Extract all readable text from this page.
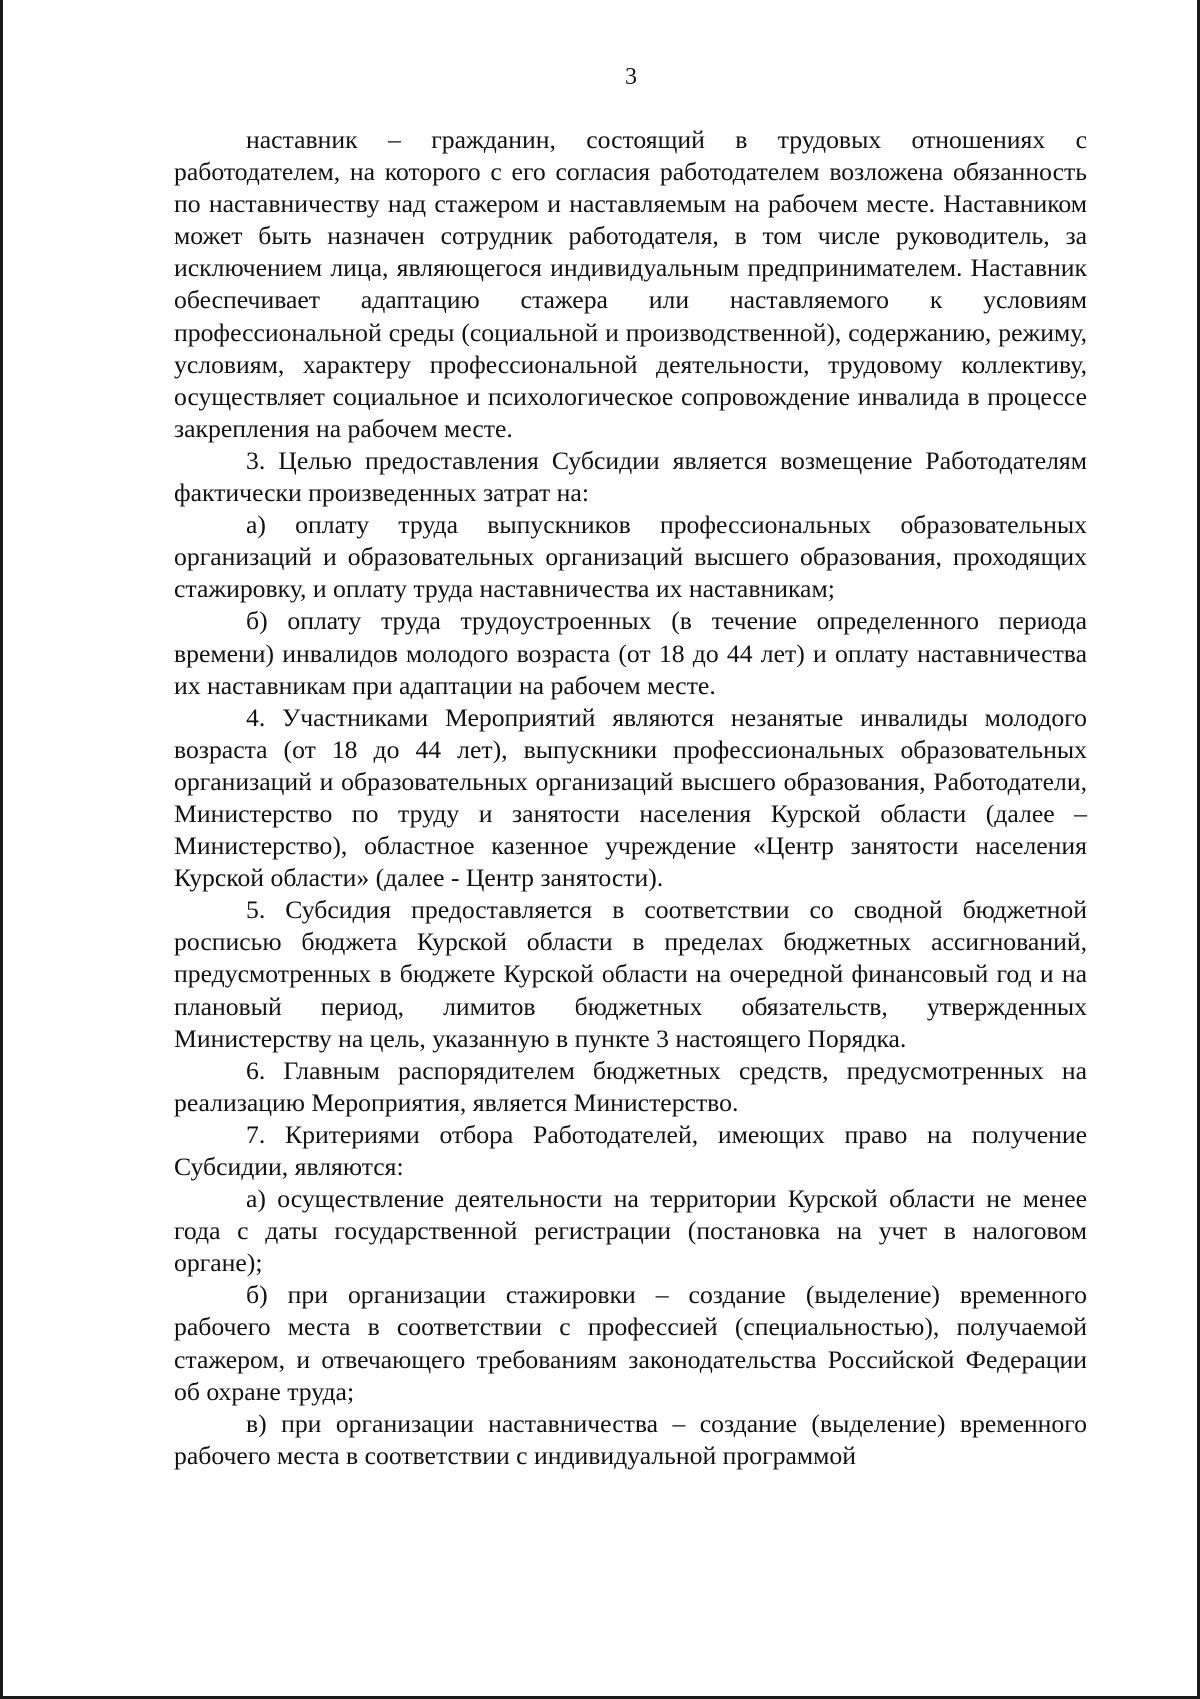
3

наставник – гражданин, состоящий в трудовых отношениях с работодателем, на которого с его согласия работодателем возложена обязанность по наставничеству над стажером и наставляемым на рабочем месте. Наставником может быть назначен сотрудник работодателя, в том числе руководитель, за исключением лица, являющегося индивидуальным предпринимателем. Наставник обеспечивает адаптацию стажера или наставляемого к условиям профессиональной среды (социальной и производственной), содержанию, режиму, условиям, характеру профессиональной деятельности, трудовому коллективу, осуществляет социальное и психологическое сопровождение инвалида в процессе закрепления на рабочем месте.

3. Целью предоставления Субсидии является возмещение Работодателям фактически произведенных затрат на:

а) оплату труда выпускников профессиональных образовательных организаций и образовательных организаций высшего образования, проходящих стажировку, и оплату труда наставничества их наставникам;

б) оплату труда трудоустроенных (в течение определенного периода времени) инвалидов молодого возраста (от 18 до 44 лет) и оплату наставничества их наставникам при адаптации на рабочем месте.

4. Участниками Мероприятий являются незанятые инвалиды молодого возраста (от 18 до 44 лет), выпускники профессиональных образовательных организаций и образовательных организаций высшего образования, Работодатели, Министерство по труду и занятости населения Курской области (далее – Министерство), областное казенное учреждение «Центр занятости населения Курской области» (далее - Центр занятости).

5. Субсидия предоставляется в соответствии со сводной бюджетной росписью бюджета Курской области в пределах бюджетных ассигнований, предусмотренных в бюджете Курской области на очередной финансовый год и на плановый период, лимитов бюджетных обязательств, утвержденных Министерству на цель, указанную в пункте 3 настоящего Порядка.

6. Главным распорядителем бюджетных средств, предусмотренных на реализацию Мероприятия, является Министерство.

7. Критериями отбора Работодателей, имеющих право на получение Субсидии, являются:

а) осуществление деятельности на территории Курской области не менее года с даты государственной регистрации (постановка на учет в налоговом органе);

б) при организации стажировки – создание (выделение) временного рабочего места в соответствии с профессией (специальностью), получаемой стажером, и отвечающего требованиям законодательства Российской Федерации об охране труда;

в) при организации наставничества – создание (выделение) временного рабочего места в соответствии с индивидуальной программой
